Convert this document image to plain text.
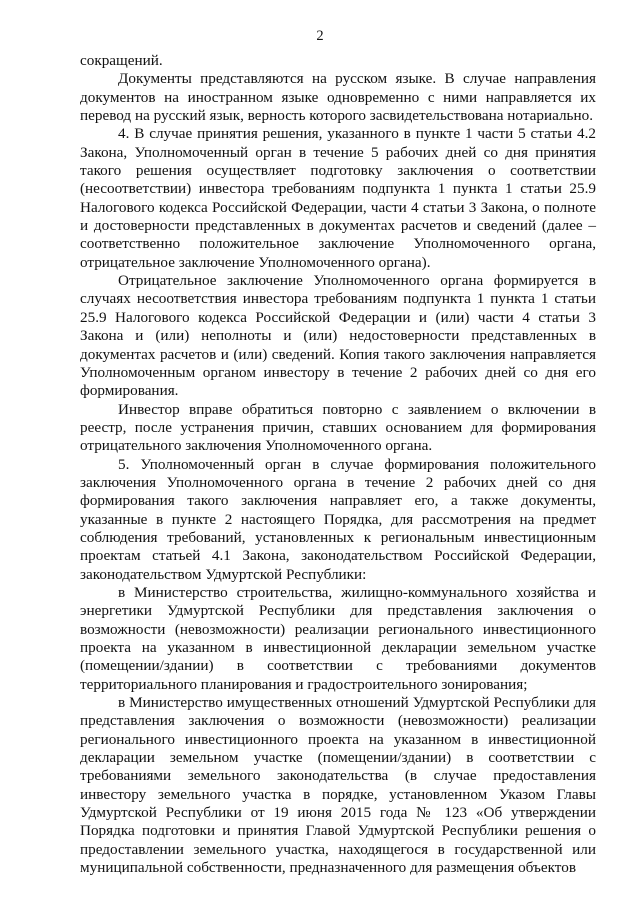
2

сокращений.

Документы представляются на русском языке. В случае направления документов на иностранном языке одновременно с ними направляется их перевод на русский язык, верность которого засвидетельствована нотариально.

4. В случае принятия решения, указанного в пункте 1 части 5 статьи 4.2 Закона, Уполномоченный орган в течение 5 рабочих дней со дня принятия такого решения осуществляет подготовку заключения о соответствии (несоответствии) инвестора требованиям подпункта 1 пункта 1 статьи 25.9 Налогового кодекса Российской Федерации, части 4 статьи 3 Закона, о полноте и достоверности представленных в документах расчетов и сведений (далее – соответственно положительное заключение Уполномоченного органа, отрицательное заключение Уполномоченного органа).

Отрицательное заключение Уполномоченного органа формируется в случаях несоответствия инвестора требованиям подпункта 1 пункта 1 статьи 25.9 Налогового кодекса Российской Федерации и (или) части 4 статьи 3 Закона и (или) неполноты и (или) недостоверности представленных в документах расчетов и (или) сведений. Копия такого заключения направляется Уполномоченным органом инвестору в течение 2 рабочих дней со дня его формирования.

Инвестор вправе обратиться повторно с заявлением о включении в реестр, после устранения причин, ставших основанием для формирования отрицательного заключения Уполномоченного органа.

5. Уполномоченный орган в случае формирования положительного заключения Уполномоченного органа в течение 2 рабочих дней со дня формирования такого заключения направляет его, а также документы, указанные в пункте 2 настоящего Порядка, для рассмотрения на предмет соблюдения требований, установленных к региональным инвестиционным проектам статьей 4.1 Закона, законодательством Российской Федерации, законодательством Удмуртской Республики:

в Министерство строительства, жилищно-коммунального хозяйства и энергетики Удмуртской Республики для представления заключения о возможности (невозможности) реализации регионального инвестиционного проекта на указанном в инвестиционной декларации земельном участке (помещении/здании) в соответствии с требованиями документов территориального планирования и градостроительного зонирования;

в Министерство имущественных отношений Удмуртской Республики для представления заключения о возможности (невозможности) реализации регионального инвестиционного проекта на указанном в инвестиционной декларации земельном участке (помещении/здании) в соответствии с требованиями земельного законодательства (в случае предоставления инвестору земельного участка в порядке, установленном Указом Главы Удмуртской Республики от 19 июня 2015 года № 123 «Об утверждении Порядка подготовки и принятия Главой Удмуртской Республики решения о предоставлении земельного участка, находящегося в государственной или муниципальной собственности, предназначенного для размещения объектов
